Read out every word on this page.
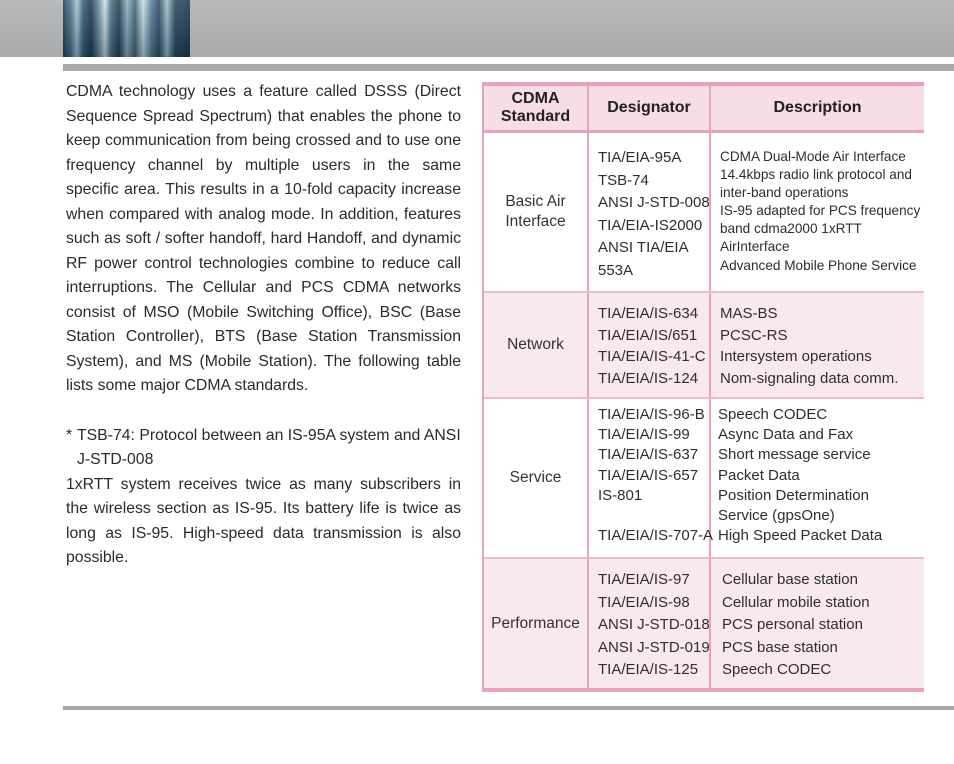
CDMA technology uses a feature called DSSS (Direct Sequence Spread Spectrum) that enables the phone to keep communication from being crossed and to use one frequency channel by multiple users in the same specific area. This results in a 10-fold capacity increase when compared with analog mode. In addition, features such as soft / softer handoff, hard Handoff, and dynamic RF power control technologies combine to reduce call interruptions. The Cellular and PCS CDMA networks consist of MSO (Mobile Switching Office), BSC (Base Station Controller), BTS (Base Station Transmission System), and MS (Mobile Station). The following table lists some major CDMA standards.

* TSB-74: Protocol between an IS-95A system and ANSI J-STD-008

1xRTT system receives twice as many subscribers in the wireless section as IS-95. Its battery life is twice as long as IS-95. High-speed data transmission is also possible.

CDMA
Standard
Designator	Description
Basic Air
Interface
TIA/EIA-95A
TSB-74
ANSI J-STD-008
TIA/EIA-IS2000
ANSI TIA/EIA
553A
CDMA Dual-Mode Air Interface
14.4kbps radio link protocol and
inter-band operations
IS-95 adapted for PCS frequency
band cdma2000 1xRTT
AirInterface
Advanced Mobile Phone Service
Network
TIA/EIA/IS-634
TIA/EIA/IS/651
TIA/EIA/IS-41-C
TIA/EIA/IS-124
MAS-BS
PCSC-RS
Intersystem operations
Nom-signaling data comm.
Service
TIA/EIA/IS-96-B
TIA/EIA/IS-99
TIA/EIA/IS-637
TIA/EIA/IS-657
IS-801
TIA/EIA/IS-707-A
Speech CODEC
Async Data and Fax
Short message service
Packet Data
Position Determination
Service (gpsOne)
High Speed Packet Data
Performance
TIA/EIA/IS-97
TIA/EIA/IS-98
ANSI J-STD-018
ANSI J-STD-019
TIA/EIA/IS-125
Cellular base station
Cellular mobile station
PCS personal station
PCS base station
Speech CODEC
